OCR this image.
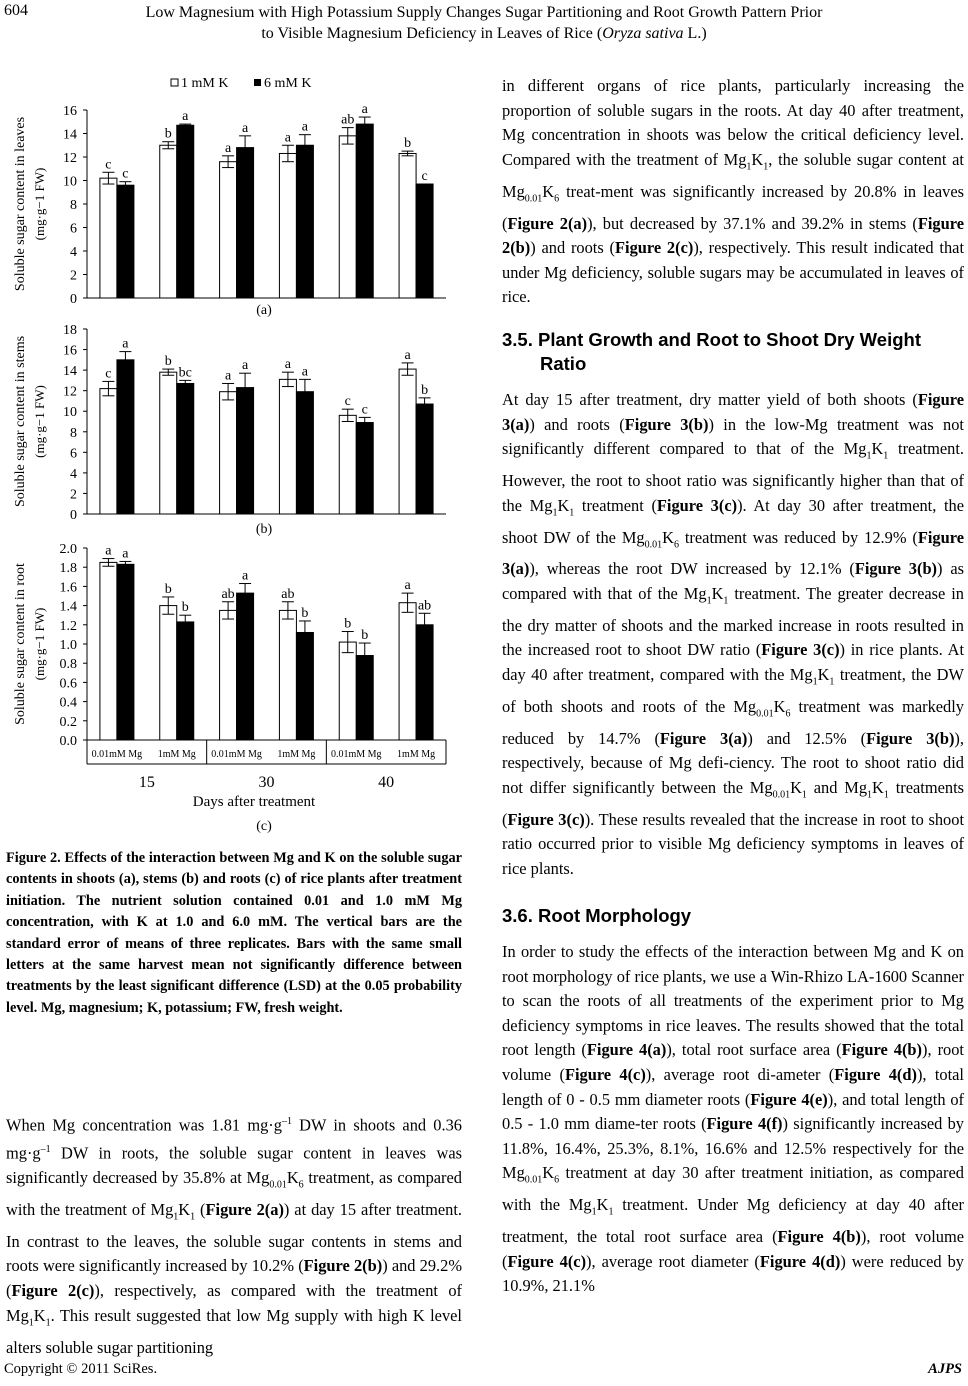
604	Low Magnesium with High Potassium Supply Changes Sugar Partitioning and Root Growth Pattern Prior
to Visible Magnesium Deficiency in Leaves of Rice (Oryza sativa L.)
1 mM K	6 mM K
0
2
4
6
8
10
12
14
16
Soluble sugar content in leaves (mg·g−1 FW)
c
b
a
a
ab
b
c
a
a	a
a
c
(a)
0
2
4
6
8
10
12
14
16
18
Soluble sugar content in stems (mg·g−1 FW)
c
b
a
a
c
a
a
bc	a	a
c
b
(b)
0.0
0.2
0.4
0.6
0.8
1.0
1.2
1.4
1.6
1.8
2.0
Soluble sugar content in root (mg·g−1 FW)
a
b	ab	ab
b
a
a
b
a
b
b
ab
(c)
0.01mM Mg 1mM Mg 0.01mM Mg 1mM Mg 0.01mM Mg 1mM Mg
15	30	40
Days after treatment
Figure 2. Effects of the interaction between Mg and K on the soluble sugar contents in shoots (a), stems (b) and roots (c) of rice plants after treatment initiation. The nutrient solution contained 0.01 and 1.0 mM Mg concentration, with K at 1.0 and 6.0 mM. The vertical bars are the standard error of means of three replicates. Bars with the same small letters at the same harvest mean not significantly difference between treatments by the least significant difference (LSD) at the 0.05 probability level. Mg, magnesium; K, potassium; FW, fresh weight.

When Mg concentration was 1.81 $mg\cdot g^{-1}$ DW in shoots and 0.36 $mg\cdot g^{-1}$ DW in roots, the soluble sugar content in leaves was significantly decreased by 35.8% at $Mg_{0.01}K_6$ treatment, as compared with the treatment of $Mg_1K_1$ (Figure 2(a)) at day 15 after treatment. In contrast to the leaves, the soluble sugar contents in stems and roots were significantly increased by 10.2% (Figure 2(b)) and 29.2% (Figure 2(c)), respectively, as compared with the treatment of $Mg_1K_1$. This result suggested that low Mg supply with high K level alters soluble sugar partitioning

in different organs of rice plants, particularly increasing the proportion of soluble sugars in the roots. At day 40 after treatment, Mg concentration in shoots was below the critical deficiency level. Compared with the treatment of $Mg_1K_1$, the soluble sugar content at $Mg_{0.01}K_6$ treat-ment was significantly increased by 20.8% in leaves (Figure 2(a)), but decreased by 37.1% and 39.2% in stems (Figure 2(b)) and roots (Figure 2(c)), respectively. This result indicated that under Mg deficiency, soluble sugars may be accumulated in leaves of rice.

3.5. Plant Growth and Root to Shoot Dry Weight Ratio

At day 15 after treatment, dry matter yield of both shoots (Figure 3(a)) and roots (Figure 3(b)) in the low-Mg treatment was not significantly different compared to that of the $Mg_1K_1$ treatment. However, the root to shoot ratio was significantly higher than that of the $Mg_1K_1$ treatment (Figure 3(c)). At day 30 after treatment, the shoot DW of the $Mg_{0.01}K_6$ treatment was reduced by 12.9% (Figure 3(a)), whereas the root DW increased by 12.1% (Figure 3(b)) as compared with that of the $Mg_1K_1$ treatment. The greater decrease in the dry matter of shoots and the marked increase in roots resulted in the increased root to shoot DW ratio (Figure 3(c)) in rice plants. At day 40 after treatment, compared with the $Mg_1K_1$ treatment, the DW of both shoots and roots of the $Mg_{0.01}K_6$ treatment was markedly reduced by 14.7% (Figure 3(a)) and 12.5% (Figure 3(b)), respectively, because of Mg defi-ciency. The root to shoot ratio did not differ significantly between the $Mg_{0.01}K_1$ and $Mg_1K_1$ treatments (Figure 3(c)). These results revealed that the increase in root to shoot ratio occurred prior to visible Mg deficiency symptoms in leaves of rice plants.

3.6. Root Morphology

In order to study the effects of the interaction between Mg and K on root morphology of rice plants, we use a Win-Rhizo LA-1600 Scanner to scan the roots of all treatments of the experiment prior to Mg deficiency symptoms in rice leaves. The results showed that the total root length (Figure 4(a)), total root surface area (Figure 4(b)), root volume (Figure 4(c)), average root di-ameter (Figure 4(d)), total length of 0 - 0.5 mm diameter roots (Figure 4(e)), and total length of 0.5 - 1.0 mm diame-ter roots (Figure 4(f)) significantly increased by 11.8%, 16.4%, 25.3%, 8.1%, 16.6% and 12.5% respectively for the $Mg_{0.01}K_6$ treatment at day 30 after treatment initiation, as compared with the $Mg_1K_1$ treatment. Under Mg deficiency at day 40 after treatment, the total root surface area (Figure 4(b)), root volume (Figure 4(c)), average root diameter (Figure 4(d)) were reduced by 10.9%, 21.1%

Copyright © 2011 SciRes.	AJPS
